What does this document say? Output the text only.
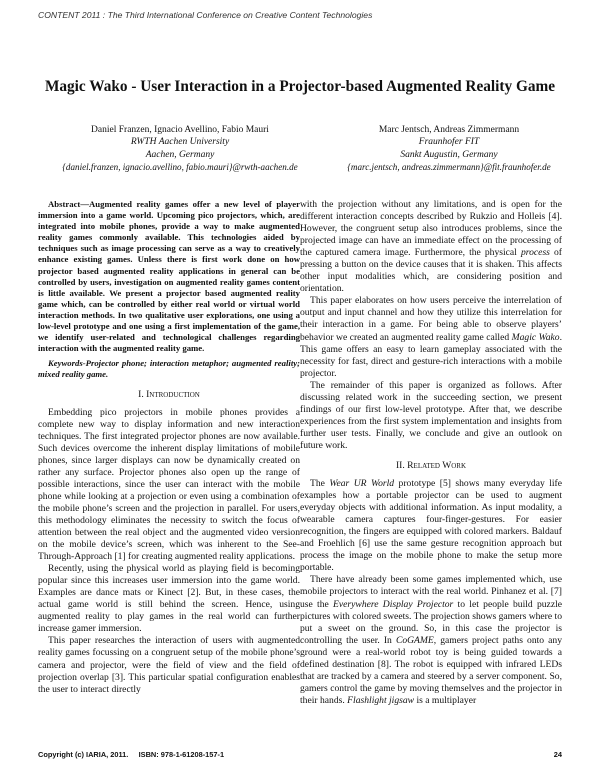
CONTENT 2011 : The Third International Conference on Creative Content Technologies
Magic Wako - User Interaction in a Projector-based Augmented Reality Game
Daniel Franzen, Ignacio Avellino, Fabio Mauri
RWTH Aachen University
Aachen, Germany
{daniel.franzen, ignacio.avellino, fabio.mauri}@rwth-aachen.de
Marc Jentsch, Andreas Zimmermann
Fraunhofer FIT
Sankt Augustin, Germany
{marc.jentsch, andreas.zimmermann}@fit.fraunhofer.de

Abstract—Augmented reality games offer a new level of player immersion into a game world. Upcoming pico projectors, which, are integrated into mobile phones, provide a way to make augmented reality games commonly available. This technologies aided by techniques such as image processing can serve as a way to creatively enhance existing games. Unless there is first work done on how projector based augmented reality applications in general can be controlled by users, investigation on augmented reality games content is little available. We present a projector based augmented reality game which, can be controlled by either real world or virtual world interaction methods. In two qualitative user explorations, one using a low-level prototype and one using a first implementation of the game, we identify user-related and technological challenges regarding interaction with the augmented reality game.

Keywords-Projector phone; interaction metaphor; augmented reality; mixed reality game.

I. Introduction

Embedding pico projectors in mobile phones provides a complete new way to display information and new interaction techniques. The first integrated projector phones are now available. Such devices overcome the inherent display limitations of mobile phones, since larger displays can now be dynamically created on rather any surface. Projector phones also open up the range of possible interactions, since the user can interact with the mobile phone while looking at a projection or even using a combination of the mobile phone’s screen and the projection in parallel. For users, this methodology eliminates the necessity to switch the focus of attention between the real object and the augmented video version on the mobile device’s screen, which was inherent to the See-Through-Approach [1] for creating augmented reality applications.

Recently, using the physical world as playing field is becoming popular since this increases user immersion into the game world. Examples are dance mats or Kinect [2]. But, in these cases, the actual game world is still behind the screen. Hence, using augmented reality to play games in the real world can further increase gamer immersion.

This paper researches the interaction of users with augmented reality games focussing on a congruent setup of the mobile phone’s camera and projector, were the field of view and the field of projection overlap [3]. This particular spatial configuration enables the user to interact directly

with the projection without any limitations, and is open for the different interaction concepts described by Rukzio and Holleis [4]. However, the congruent setup also introduces problems, since the projected image can have an immediate effect on the processing of the captured camera image. Furthermore, the physical process of pressing a button on the device causes that it is shaken. This affects other input modalities which, are considering position and orientation.

This paper elaborates on how users perceive the interrelation of output and input channel and how they utilize this interrelation for their interaction in a game. For being able to observe players’ behavior we created an augmented reality game called Magic Wako. This game offers an easy to learn gameplay associated with the necessity for fast, direct and gesture-rich interactions with a mobile projector.

The remainder of this paper is organized as follows. After discussing related work in the succeeding section, we present findings of our first low-level prototype. After that, we describe experiences from the first system implementation and insights from further user tests. Finally, we conclude and give an outlook on future work.

II. Related Work

The Wear UR World prototype [5] shows many everyday life examples how a portable projector can be used to augment everyday objects with additional information. As input modality, a wearable camera captures four-finger-gestures. For easier recognition, the fingers are equipped with colored markers. Baldauf and Froehlich [6] use the same gesture recognition approach but process the image on the mobile phone to make the setup more portable.

There have already been some games implemented which, use mobile projectors to interact with the real world. Pinhanez et al. [7] use the Everywhere Display Projector to let people build puzzle pictures with colored sweets. The projection shows gamers where to put a sweet on the ground. So, in this case the projector is controlling the user. In CoGAME, gamers project paths onto any ground were a real-world robot toy is being guided towards a defined destination [8]. The robot is equipped with infrared LEDs that are tracked by a camera and steered by a server component. So, gamers control the game by moving themselves and the projector in their hands. Flashlight jigsaw is a multiplayer

Copyright (c) IARIA, 2011.     ISBN: 978-1-61208-157-1	24
